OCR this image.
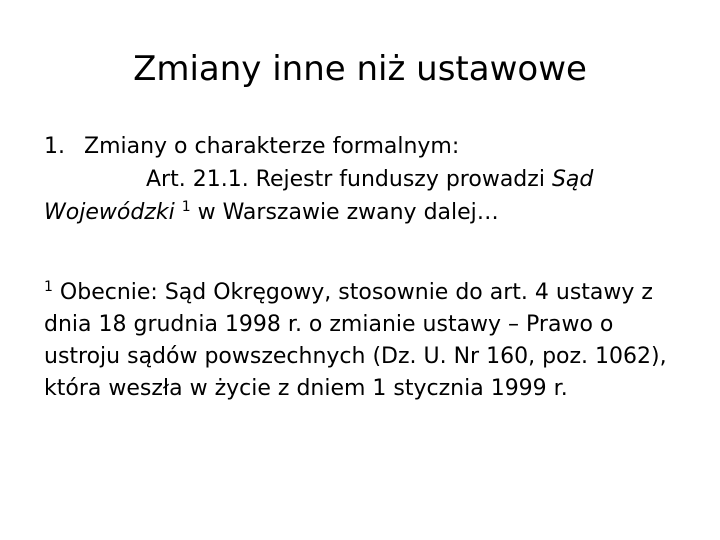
Zmiany inne niż ustawowe
1. Zmiany o charakterze formalnym:
Art. 21.1. Rejestr funduszy prowadzi Sąd Wojewódzki $^1$ w Warszawie zwany dalej…
$^1$ Obecnie: Sąd Okręgowy, stosownie do art. 4 ustawy z dnia 18 grudnia 1998 r. o zmianie ustawy – Prawo o ustroju sądów powszechnych (Dz. U. Nr 160, poz. 1062), która weszła w życie z dniem 1 stycznia 1999 r.
